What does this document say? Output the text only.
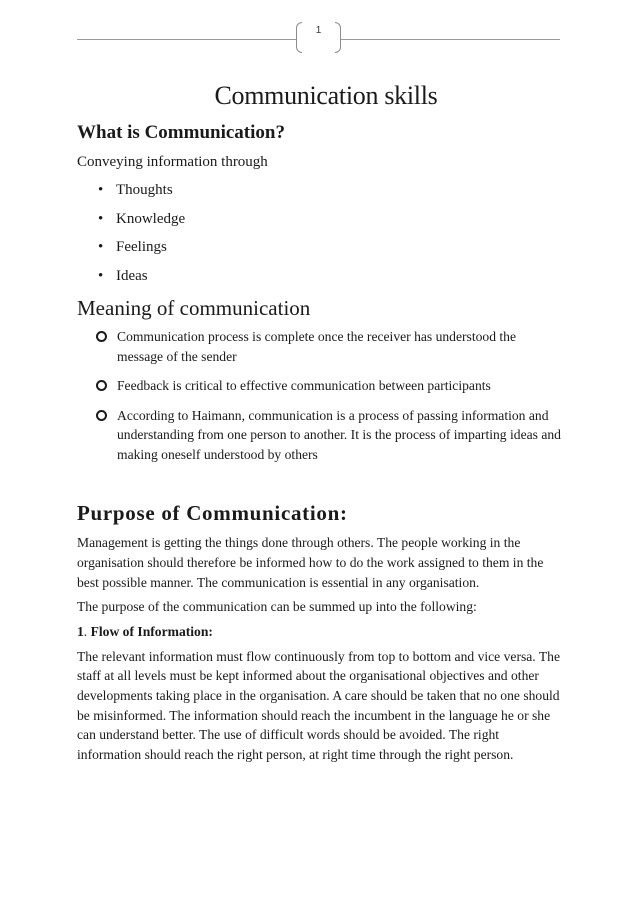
1
Communication skills
What is Communication?

Conveying information through

• Thoughts
• Knowledge
• Feelings
• Ideas
Meaning of communication
Communication process is complete once the receiver has understood the message of the sender
Feedback is critical to effective communication between participants
According to Haimann, communication is a process of passing information and understanding from one person to another. It is the process of imparting ideas and making oneself understood by others
Purpose of Communication:

Management is getting the things done through others. The people working in the organisation should therefore be informed how to do the work assigned to them in the best possible manner. The communication is essential in any organisation.

The purpose of the communication can be summed up into the following:

1. Flow of Information:

The relevant information must flow continuously from top to bottom and vice versa. The staff at all levels must be kept informed about the organisational objectives and other developments taking place in the organisation. A care should be taken that no one should be misinformed. The information should reach the incumbent in the language he or she can understand better. The use of difficult words should be avoided. The right information should reach the right person, at right time through the right person.
